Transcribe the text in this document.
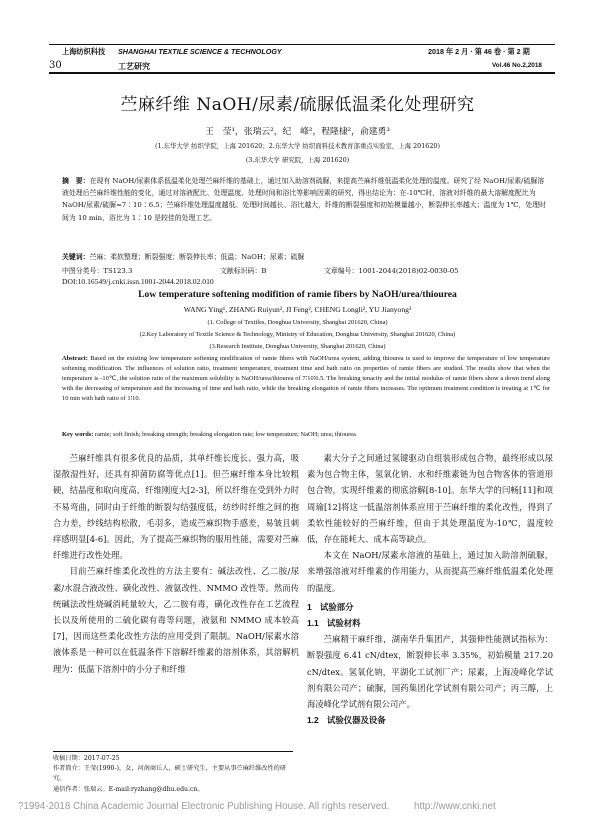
上海纺织科技 SHANGHAI TEXTILE SCIENCE & TECHNOLOGY	2018 年 2 月 · 第 46 卷 · 第 2 期
30	工艺研究	Vol.46 No.2,2018
苎麻纤维 NaOH/尿素/硫脲低温柔化处理研究
王　莹¹，张瑞云²，纪　峰²，程隆棣²，俞建勇³
(1.东华大学 纺织学院，上海 201620；2.东华大学 纺织面料技术教育部重点实验室，上海 201620)
(3.东华大学 研究院，上海 201620)
摘　要：在现有 NaOH/尿素体系低温柔化处理苎麻纤维的基础上，通过加入助溶剂硫脲，来提高苎麻纤维低温柔化处理的温度。研究了经 NaOH/尿素/硫脲溶液处理后苎麻纤维性能的变化，通过对溶液配比、处理温度、处理时间和浴比等影响因素的研究，得出结论为：在-10℃时，溶液对纤维的最大溶解度配比为 NaOH/尿素/硫脲=7∶10∶6.5；苎麻纤维处理温度越低、处理时间越长、浴比越大，纤维的断裂强度和初始模量越小，断裂伸长率越大；温度为 1℃，处理时间为 10 min，浴比为 1∶10 是较佳的处理工艺。
关键词：苎麻；柔软整理；断裂强度；断裂伸长率；低温；NaOH；尿素；硫脲
中图分类号：TS123.3	文献标识码：B	文章编号：1001-2044(2018)02-0030-05
DOI:10.16549/j.cnki.issn.1001-2044.2018.02.010
Low temperature softening modifition of ramie fibers by NaOH/urea/thiourea
WANG Ying¹, ZHANG Ruiyun², JI Feng², CHENG Longli², YU Jianyong³
(1. College of Textiles, Donghua University, Shanghai 201620, China)
(2.Key Laboratory of Textile Science & Technology, Ministry of Education, Donghua University, Shanghai 201620, China)
(3.Research Institute, Donghua University, Shanghai 201620, China)
Abstract: Based on the existing low temperature softening modification of ramie fibers with NaOH/urea system, adding thiourea is used to improve the temperature of low temperature softening modification. The influences of solution ratio, treatment temperature, treatment time and bath ratio on properties of ramie fibers are studied. The results show that when the temperature is -10℃, the solution ratio of the maximum solubility is NaOH/urea/thiourea of 7∶10∶6.5. The breaking tenacity and the initial modulus of ramie fibers show a down trend along with the decreasing of temperature and the increasing of time and bath ratio, while the breaking elongation of ramie fibers increases. The optimum treatment condition is treating at 1℃ for 10 min with bath ratio of 1∶10.
Key words: ramie; soft finish; breaking strength; breaking elongation rate; low temperature; NaOH; urea; thiourea

苎麻纤维具有很多优良的品质，其单纤维长度长、强力高，吸湿散湿性好，还具有抑菌防腐等优点[1]。但苎麻纤维本身比较粗硬，结晶度和取向度高，纤维刚度大[2-3]，所以纤维在受到外力时不易弯曲，同时由于纤维的断裂勾结强度低，纺纱时纤维之间的抱合力差，纱线结构松散，毛羽多，造成苎麻织物手感差，易皱且刺痒感明显[4-6]。因此，为了提高苎麻织物的服用性能，需要对苎麻纤维进行改性处理。

目前苎麻纤维柔化改性的方法主要有：碱法改性、乙二胺/尿素/水混合液改性、磺化改性、液氨改性、NMMO 改性等。然而传统碱法改性烧碱消耗量较大，乙二胺有毒，磺化改性存在工艺流程长以及所使用的二硫化碳有毒等问题，液氨和 NMMO 成本较高[7]，因而这些柔化改性方法的应用受到了限制。NaOH/尿素水溶液体系是一种可以在低温条件下溶解纤维素的溶剂体系，其溶解机理为：低温下溶剂中的小分子和纤维

收稿日期：2017-07-25
作者简介：王莹(1990-)，女，河南商丘人，硕士研究生，主要从事苎麻纤维改性的研究。
通信作者：张瑞云。E-mail:ryzhang@dhu.edu.cn。

素大分子之间通过氢键驱动自组装形成包合物，最终形成以尿素为包合物主体，氢氧化钠、水和纤维素链为包合物客体的管道形包合物，实现纤维素的彻底溶解[8-10]。东华大学的闫畅[11]和项周瑜[12]将这一低温溶剂体系应用于苎麻纤维的柔化改性，得到了柔软性能较好的苎麻纤维，但由于其处理温度为-10℃，温度较低，存在能耗大、成本高等缺点。

本文在 NaOH/尿素水溶液的基础上，通过加入助溶剂硫脲，来增强溶液对纤维素的作用能力，从而提高苎麻纤维低温柔化处理的温度。

1　试验部分

1.1　试验材料

苎麻精干麻纤维，湖南华升集团产，其强伸性能测试指标为：断裂强度 6.41 cN/dtex，断裂伸长率 3.35%，初始模量 217.20 cN/dtex。氢氧化钠，平湖化工试剂厂产；尿素，上海凌峰化学试剂有限公司产；硫脲，国药集团化学试剂有限公司产；丙三醇，上海凌峰化学试剂有限公司产。

1.2　试验仪器及设备

?1994-2018 China Academic Journal Electronic Publishing House. All rights reserved.	http://www.cnki.net
